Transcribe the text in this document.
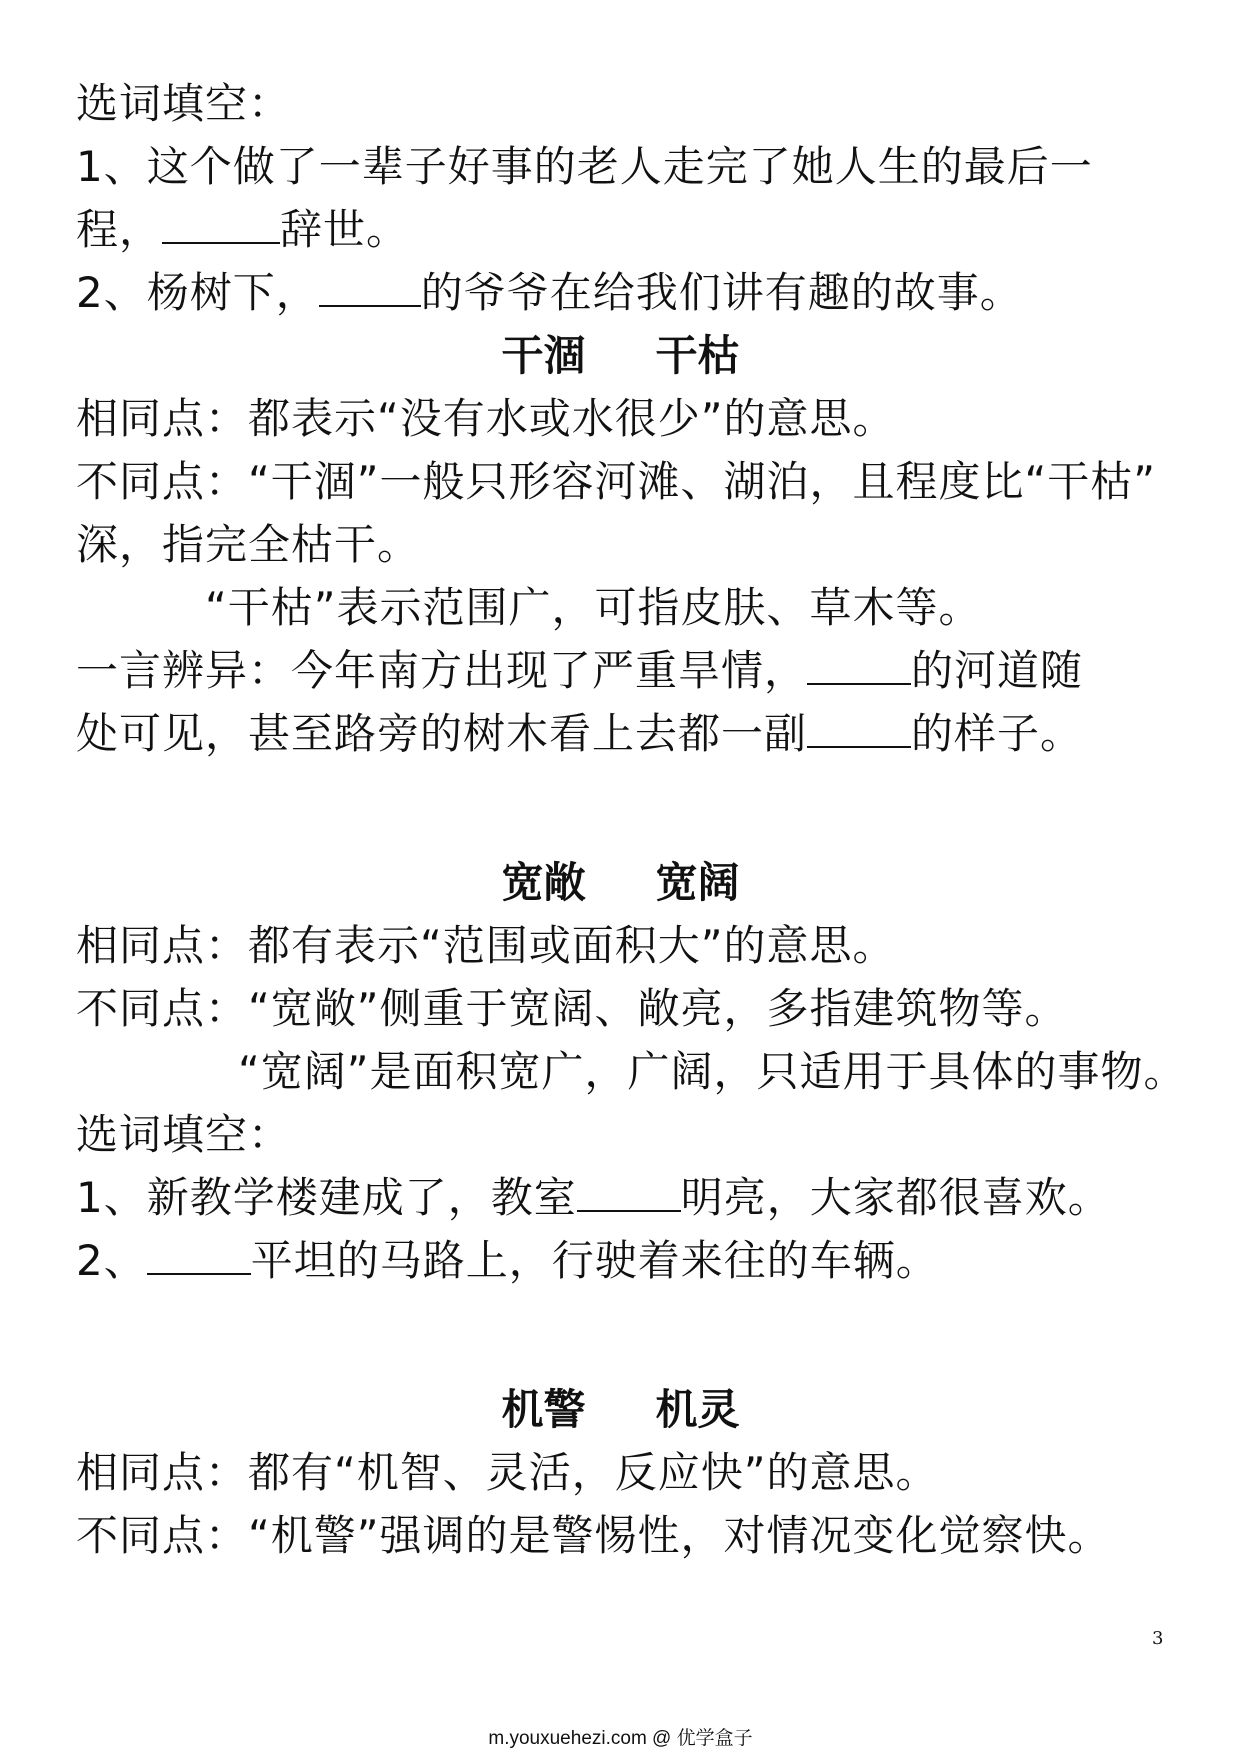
选词填空：
1、这个做了一辈子好事的老人走完了她人生的最后一
程，	辞世。
2、杨树下， 的爷爷在给我们讲有趣的故事。
干涸 干枯
相同点：都表示“没有水或水很少”的意思。
不同点：“干涸”一般只形容河滩、湖泊，且程度比“干枯”
深，指完全枯干。
“干枯”表示范围广，可指皮肤、草木等。
一言辨异：今年南方出现了严重旱情， 的河道随
处可见，甚至路旁的树木看上去都一副 的样子。
宽敞 宽阔
相同点：都有表示“范围或面积大”的意思。
不同点：“宽敞”侧重于宽阔、敞亮，多指建筑物等。
“宽阔”是面积宽广，广阔，只适用于具体的事物。
选词填空：
1、新教学楼建成了，教室 明亮，大家都很喜欢。
2、 平坦的马路上，行驶着来往的车辆。
机警 机灵
相同点：都有“机智、灵活，反应快”的意思。
不同点：“机警”强调的是警惕性，对情况变化觉察快。
3
m.youxuehezi.com @ 优学盒子
